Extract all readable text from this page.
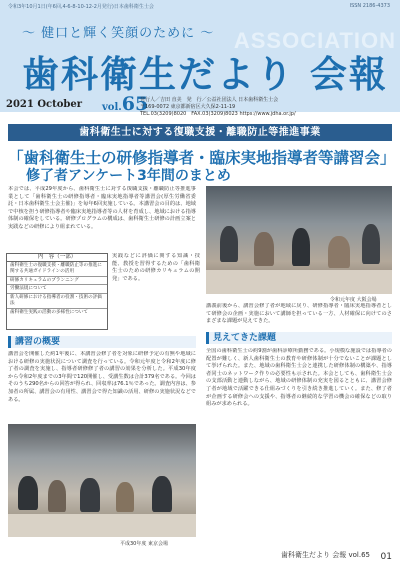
令和3年10月1日(年6回,4-6-8-10-12-2月発行)日本歯科衛生士会	ISSN 2186-4373
ASSOCIATION
〜 健口と輝く笑顔のために 〜
歯科衛生だより 会報
2021 October vol.65
発行人／吉田 直美　発　行／公益社団法人 日本歯科衛生士会
〒169-0072 東京都新宿区大久保2-11-19
TEL.03(3209)8020　FAX.03(3209)8023 https://www.jdha.or.jp/
歯科衛生士に対する復職支援・離職防止等推進事業
「歯科衛生士の研修指導者・臨床実地指導者等講習会」
修了者アンケート3年間のまとめ
本会では、平成29年度から、歯科衛生士に対する復職支援・離職防止等推進事業として「歯科衛生士の研修指導者・臨床実地指導者等講習会(厚生労働省委託・日本歯科衛生士会主催)」を毎年6回実施している。本講習会の目的は、地域で中核を担う研修指導者や臨床実地指導者等の人材を育成し、地域における指導体制の確保をしている。研修プログラムの構成は、歯科衛生士研修の計画立案と実践などの研修により組まれている。
令和元年度 大阪会場
内　容（一部）
歯科衛生士の復職支援・離職防止等の推進に関する共通ガイドラインの活用
研修カリキュラムのプランニング
労働法規について
新人研修における指導者の役割・技術の評価法
歯科衛生実践の活動の多様性について
実践などに評価に関する知識・技能、教授を習得するための「歯科衛生士のための研修カリキュラムの開発」である。
講義前後から、講習会修了者が地域に戻り、研修指導者・臨床実地指導者として研修会の企画・実施において講師を担っている一方、人材確保に向けてのさまざまな課題が見えてきた。
講習の概要
講習会を開催した約1年後に、本講習会修了者を対象に研修予定の有無や地域における研修の実施状況について調査を行っている。令和元年度と令和2年度に修了者の調査を実施し、指導者研修修了者の講習の効果を分析した。平成30年度から令和2年度までの3年間で120開催し、受講生数は合計379名である。今回はそのうち290名からの回答が得られ、回収率は76.1％であった。調査内容は、参加者の所属、講習会の有用性、講習会で得た知識の活用、研修の実施状況などである。
平成30年度 東京会場
見えてきた課題
全国の歯科衛生士の約9割が歯科診療所勤務である。小規模な施設では指導者の配置が難しく、新人歯科衛生士の教育や研修体制が十分でないことが課題として挙げられた。また、地域の歯科衛生士会と連携した研修体制の構築や、指導者同士のネットワーク作りの必要性も示された。本会としても、歯科衛生士会の支部活動と連動しながら、地域の研修体制の充実を図るとともに、講習会修了者が地域で活躍できる仕組みづくりを引き続き推進していく。また、修了者が企画する研修会への支援や、指導者の継続的な学習の機会の確保などの取り組みが求められる。
歯科衛生だより 会報 vol.65 01
